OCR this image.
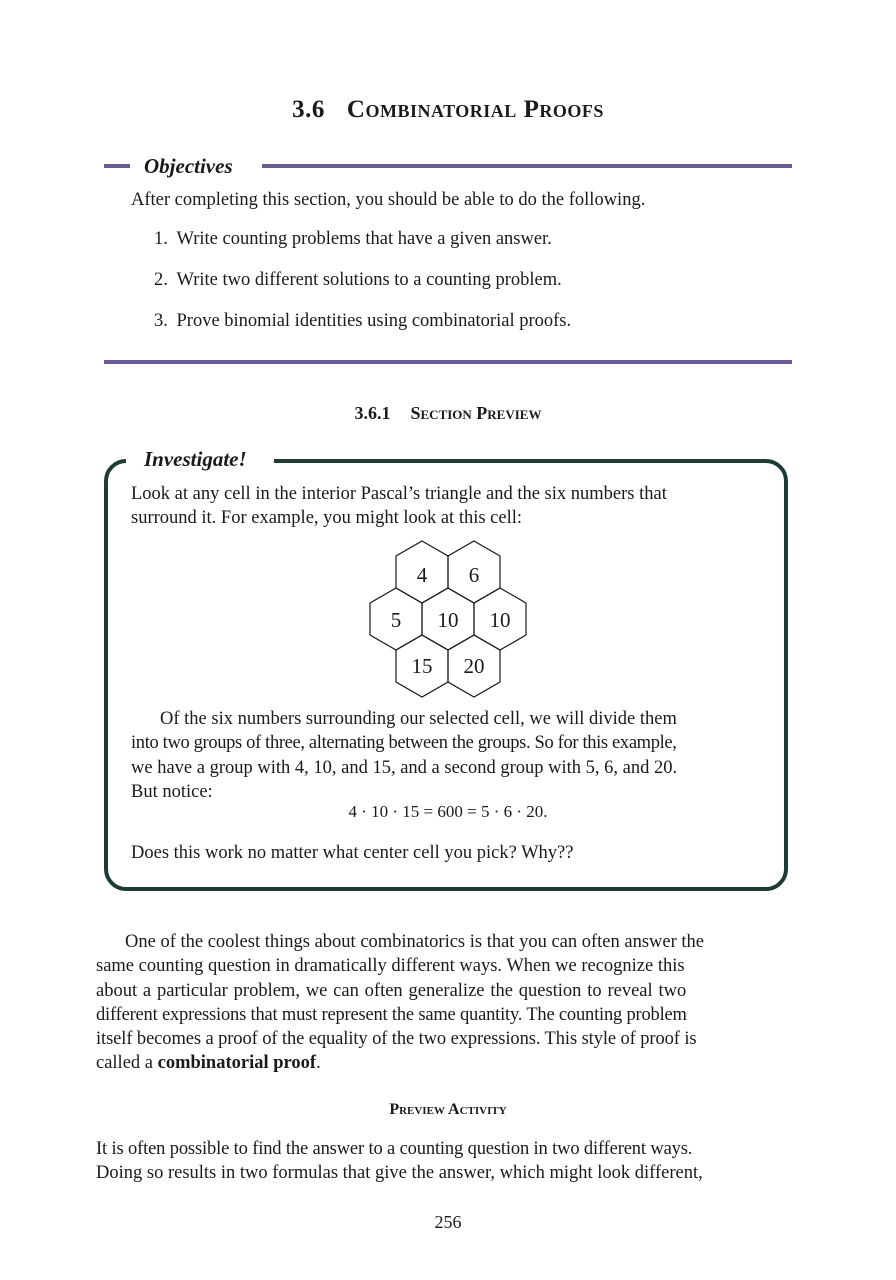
3.6 Combinatorial Proofs
Objectives
After completing this section, you should be able to do the following.
1. Write counting problems that have a given answer.
2. Write two different solutions to a counting problem.
3. Prove binomial identities using combinatorial proofs.
3.6.1 Section Preview
Investigate!
Look at any cell in the interior Pascal’s triangle and the six numbers that
surround it. For example, you might look at this cell:
4 6
5 10 10
15 20
Of the six numbers surrounding our selected cell, we will divide them
into two groups of three, alternating between the groups. So for this example,
we have a group with 4, 10, and 15, and a second group with 5, 6, and 20.
But notice:
4 · 10 · 15 = 600 = 5 · 6 · 20.
Does this work no matter what center cell you pick? Why??
One of the coolest things about combinatorics is that you can often answer the
same counting question in dramatically different ways. When we recognize this
about a particular problem, we can often generalize the question to reveal two
different expressions that must represent the same quantity. The counting problem
itself becomes a proof of the equality of the two expressions. This style of proof is
called a combinatorial proof.
Preview Activity
It is often possible to find the answer to a counting question in two different ways.
Doing so results in two formulas that give the answer, which might look different,
256
